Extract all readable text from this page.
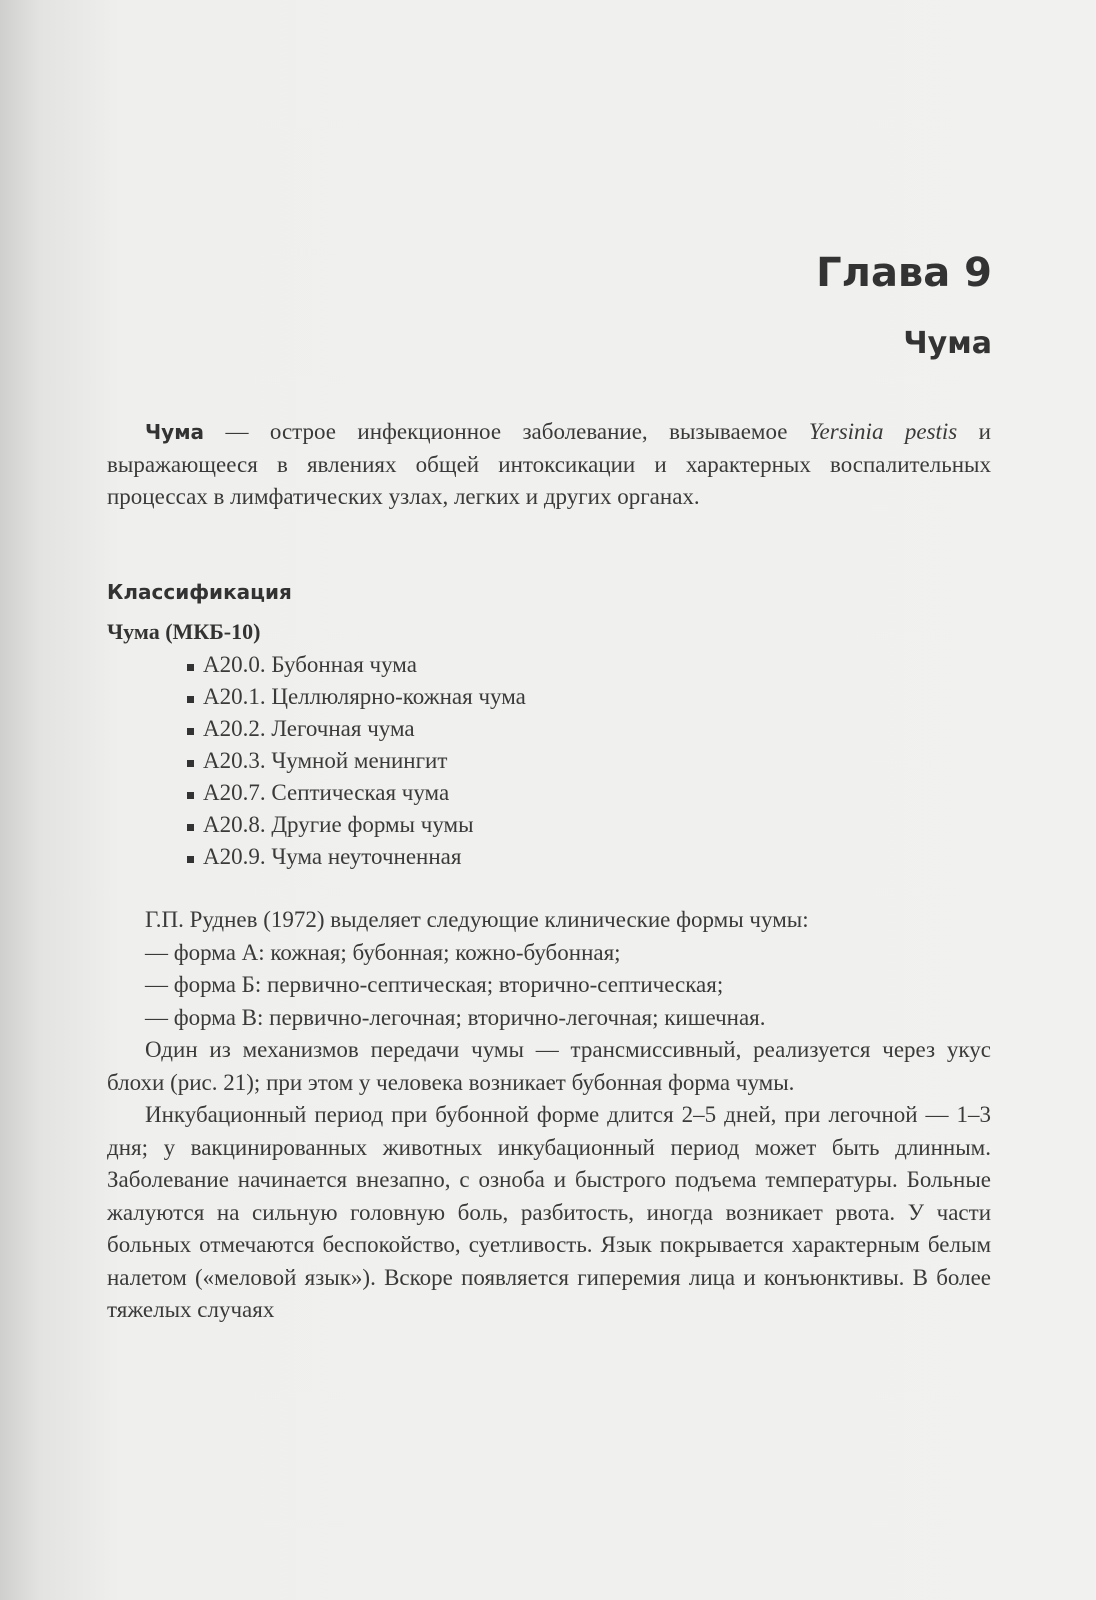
Глава 9
Чума

Чума — острое инфекционное заболевание, вызываемое Yersinia pestis и выражающееся в явлениях общей интоксикации и характерных воспалительных процессах в лимфатических узлах, легких и других органах.

Классификация
Чума (МКБ-10)
A20.0. Бубонная чума
A20.1. Целлюлярно-кожная чума
A20.2. Легочная чума
A20.3. Чумной менингит
A20.7. Септическая чума
A20.8. Другие формы чумы
A20.9. Чума неуточненная

Г.П. Руднев (1972) выделяет следующие клинические формы чумы:

— форма А: кожная; бубонная; кожно-бубонная;

— форма Б: первично-септическая; вторично-септическая;

— форма В: первично-легочная; вторично-легочная; кишечная.

Один из механизмов передачи чумы — трансмиссивный, реализуется через укус блохи (рис. 21); при этом у человека возникает бубонная форма чумы.

Инкубационный период при бубонной форме длится 2–5 дней, при легочной — 1–3 дня; у вакцинированных животных инкубационный период может быть длинным. Заболевание начинается внезапно, с озноба и быстрого подъема температуры. Больные жалуются на сильную головную боль, разбитость, иногда возникает рвота. У части больных отмечаются беспокойство, суетливость. Язык покрывается характерным белым налетом («меловой язык»). Вскоре появляется гиперемия лица и конъюнктивы. В более тяжелых случаях
